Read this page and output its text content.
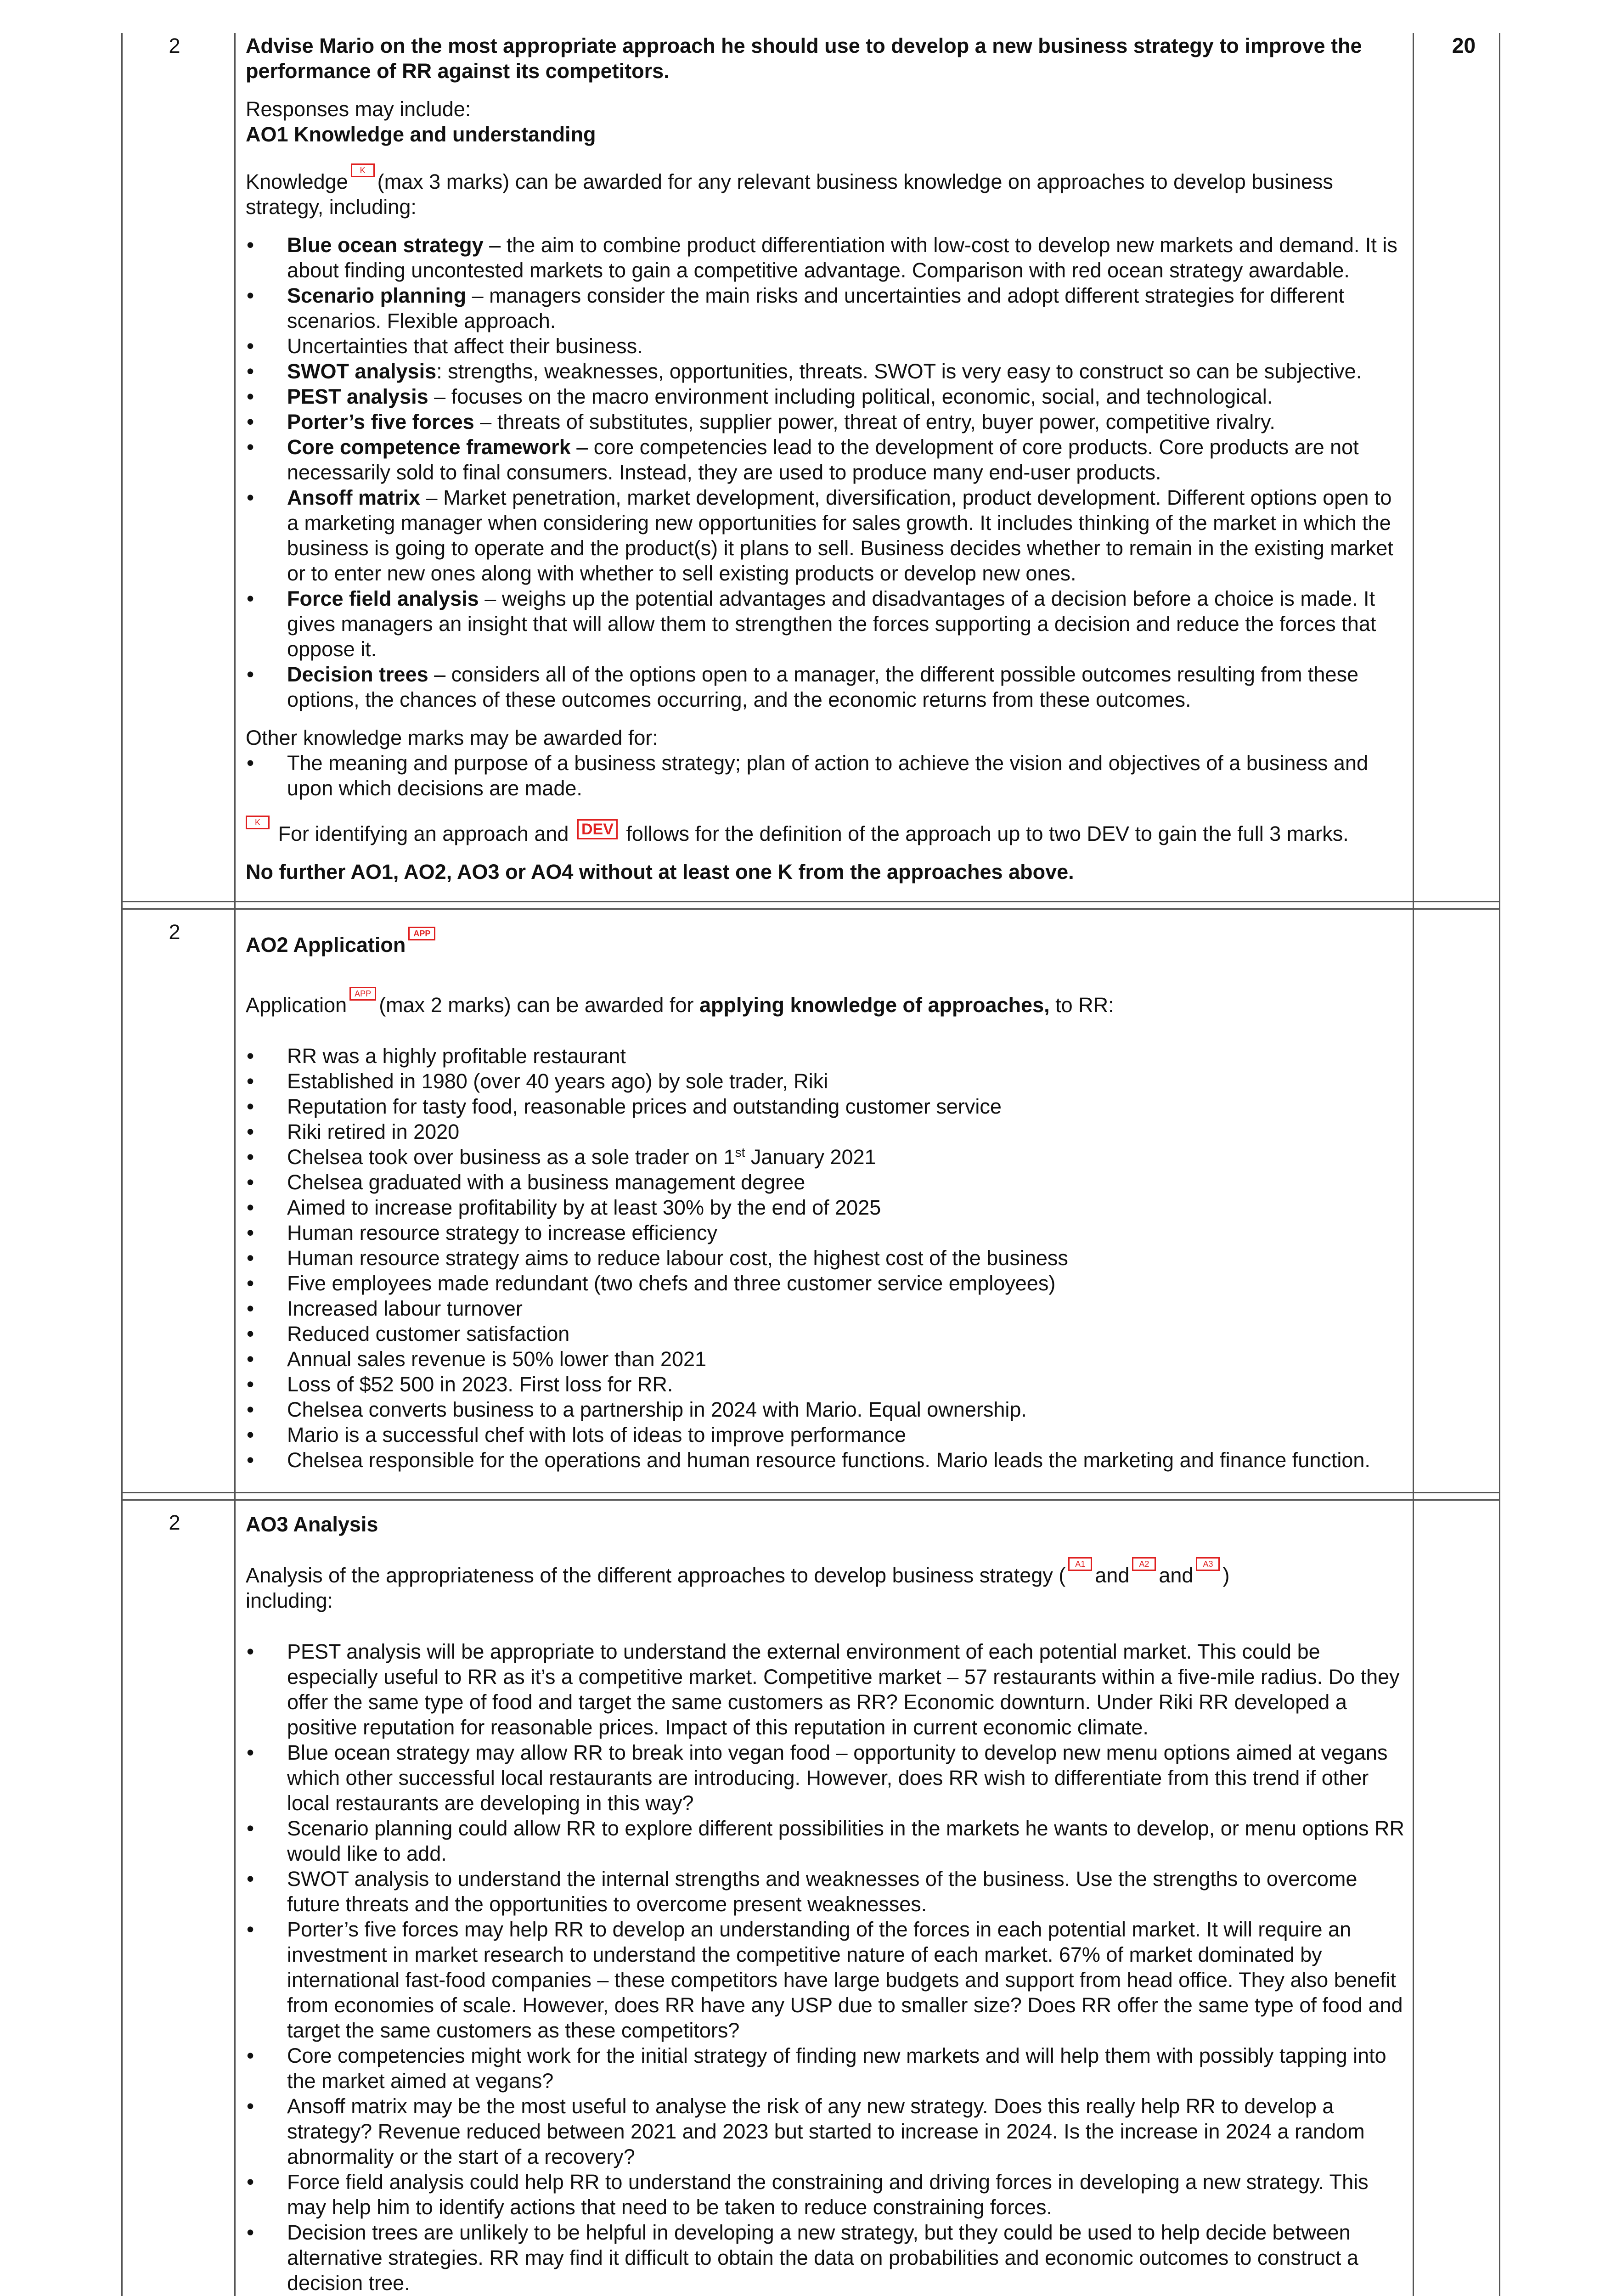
2
2
2
20

Advise Mario on the most appropriate approach he should use to develop a new business strategy to improve the performance of RR against its competitors.

Responses may include:

AO1 Knowledge and understanding

Knowledge K (max 3 marks) can be awarded for any relevant business knowledge on approaches to develop business strategy, including:

• Blue ocean strategy – the aim to combine product differentiation with low-cost to develop new markets and demand. It is about finding uncontested markets to gain a competitive advantage. Comparison with red ocean strategy awardable.
• Scenario planning – managers consider the main risks and uncertainties and adopt different strategies for different scenarios. Flexible approach.
• Uncertainties that affect their business.
• SWOT analysis: strengths, weaknesses, opportunities, threats. SWOT is very easy to construct so can be subjective.
• PEST analysis – focuses on the macro environment including political, economic, social, and technological.
• Porter’s five forces – threats of substitutes, supplier power, threat of entry, buyer power, competitive rivalry.
• Core competence framework – core competencies lead to the development of core products. Core products are not necessarily sold to final consumers. Instead, they are used to produce many end-user products.
• Ansoff matrix – Market penetration, market development, diversification, product development. Different options open to a marketing manager when considering new opportunities for sales growth. It includes thinking of the market in which the business is going to operate and the product(s) it plans to sell. Business decides whether to remain in the existing market or to enter new ones along with whether to sell existing products or develop new ones.
• Force field analysis – weighs up the potential advantages and disadvantages of a decision before a choice is made. It gives managers an insight that will allow them to strengthen the forces supporting a decision and reduce the forces that oppose it.
• Decision trees – considers all of the options open to a manager, the different possible outcomes resulting from these options, the chances of these outcomes occurring, and the economic returns from these outcomes.

Other knowledge marks may be awarded for:

• The meaning and purpose of a business strategy; plan of action to achieve the vision and objectives of a business and upon which decisions are made.

K For identifying an approach and DEV follows for the definition of the approach up to two DEV to gain the full 3 marks.

No further AO1, AO2, AO3 or AO4 without at least one K from the approaches above.

AO2 Application APP

Application APP (max 2 marks) can be awarded for applying knowledge of approaches, to RR:

• RR was a highly profitable restaurant
• Established in 1980 (over 40 years ago) by sole trader, Riki
• Reputation for tasty food, reasonable prices and outstanding customer service
• Riki retired in 2020
• Chelsea took over business as a sole trader on 1st January 2021
• Chelsea graduated with a business management degree
• Aimed to increase profitability by at least 30% by the end of 2025
• Human resource strategy to increase efficiency
• Human resource strategy aims to reduce labour cost, the highest cost of the business
• Five employees made redundant (two chefs and three customer service employees)
• Increased labour turnover
• Reduced customer satisfaction
• Annual sales revenue is 50% lower than 2021
• Loss of $52 500 in 2023. First loss for RR.
• Chelsea converts business to a partnership in 2024 with Mario. Equal ownership.
• Mario is a successful chef with lots of ideas to improve performance
• Chelsea responsible for the operations and human resource functions. Mario leads the marketing and finance function.

AO3 Analysis

Analysis of the appropriateness of the different approaches to develop business strategy ( A1 and A2 and A3 )
including:

• PEST analysis will be appropriate to understand the external environment of each potential market. This could be especially useful to RR as it’s a competitive market. Competitive market – 57 restaurants within a five-mile radius. Do they offer the same type of food and target the same customers as RR? Economic downturn. Under Riki RR developed a positive reputation for reasonable prices. Impact of this reputation in current economic climate.
• Blue ocean strategy may allow RR to break into vegan food – opportunity to develop new menu options aimed at vegans which other successful local restaurants are introducing. However, does RR wish to differentiate from this trend if other local restaurants are developing in this way?
• Scenario planning could allow RR to explore different possibilities in the markets he wants to develop, or menu options RR would like to add.
• SWOT analysis to understand the internal strengths and weaknesses of the business. Use the strengths to overcome future threats and the opportunities to overcome present weaknesses.
• Porter’s five forces may help RR to develop an understanding of the forces in each potential market. It will require an investment in market research to understand the competitive nature of each market. 67% of market dominated by international fast-food companies – these competitors have large budgets and support from head office. They also benefit from economies of scale. However, does RR have any USP due to smaller size? Does RR offer the same type of food and target the same customers as these competitors?
• Core competencies might work for the initial strategy of finding new markets and will help them with possibly tapping into the market aimed at vegans?
• Ansoff matrix may be the most useful to analyse the risk of any new strategy. Does this really help RR to develop a strategy? Revenue reduced between 2021 and 2023 but started to increase in 2024. Is the increase in 2024 a random abnormality or the start of a recovery?
• Force field analysis could help RR to understand the constraining and driving forces in developing a new strategy. This may help him to identify actions that need to be taken to reduce constraining forces.
• Decision trees are unlikely to be helpful in developing a new strategy, but they could be used to help decide between alternative strategies. RR may find it difficult to obtain the data on probabilities and economic outcomes to construct a decision tree.
